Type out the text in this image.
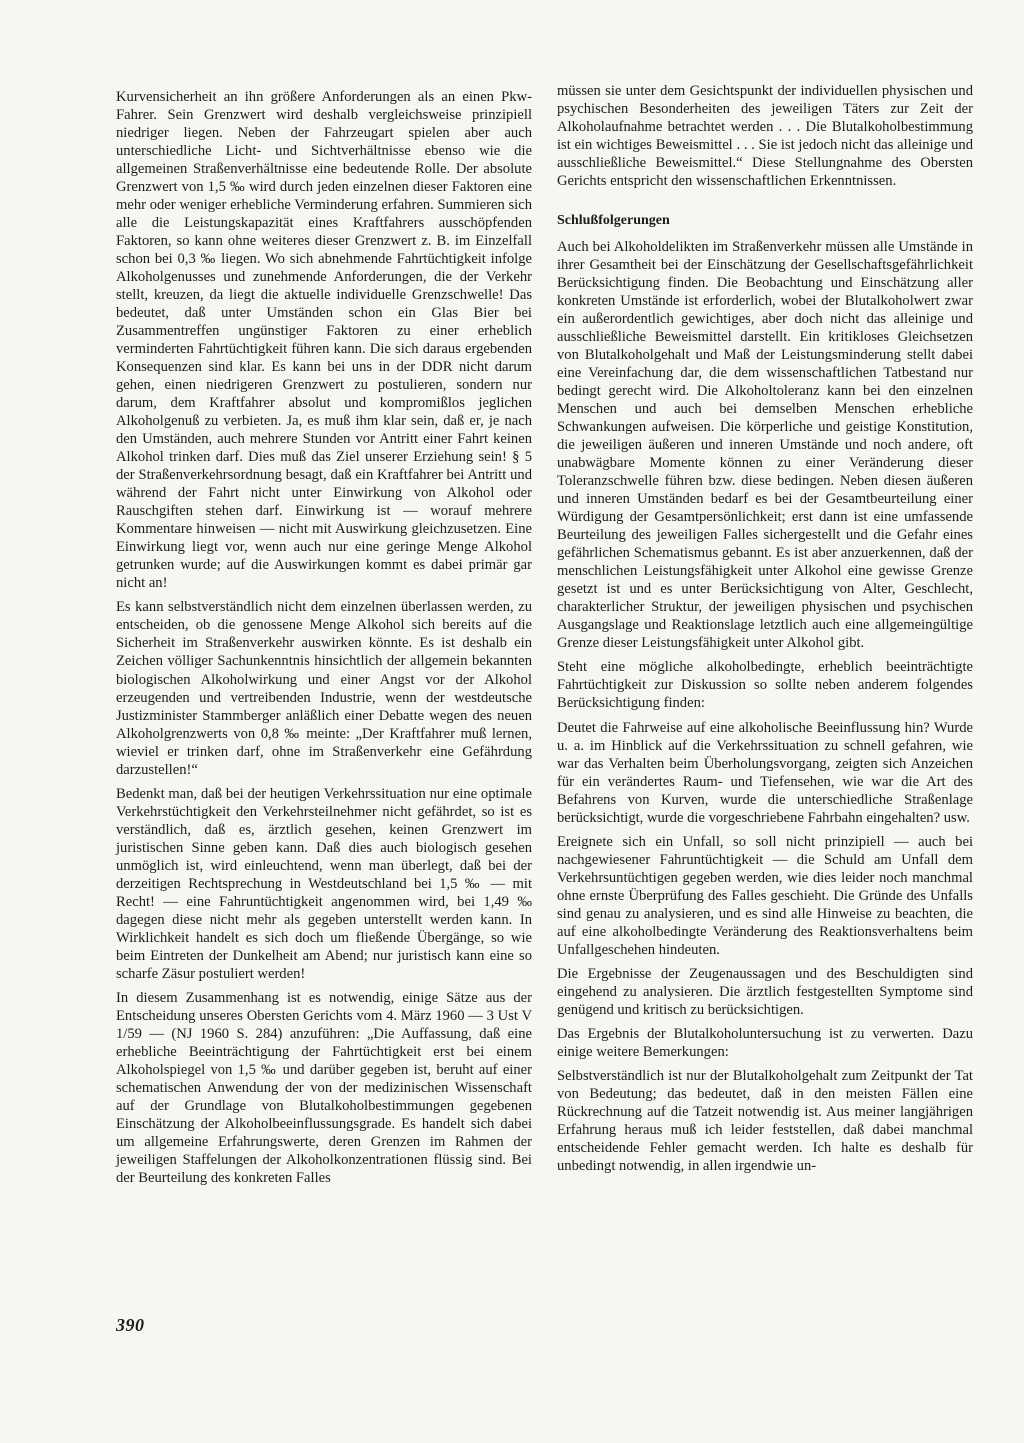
Kurvensicherheit an ihn größere Anforderungen als an einen Pkw-Fahrer. Sein Grenzwert wird deshalb vergleichsweise prinzipiell niedriger liegen. Neben der Fahrzeugart spielen aber auch unterschiedliche Licht- und Sichtverhältnisse ebenso wie die allgemeinen Straßenverhältnisse eine bedeutende Rolle. Der absolute Grenzwert von 1,5 ‰ wird durch jeden einzelnen dieser Faktoren eine mehr oder weniger erhebliche Verminderung erfahren. Summieren sich alle die Leistungskapazität eines Kraftfahrers ausschöpfenden Faktoren, so kann ohne weiteres dieser Grenzwert z. B. im Einzelfall schon bei 0,3 ‰ liegen. Wo sich abnehmende Fahrtüchtigkeit infolge Alkoholgenusses und zunehmende Anforderungen, die der Verkehr stellt, kreuzen, da liegt die aktuelle individuelle Grenzschwelle! Das bedeutet, daß unter Umständen schon ein Glas Bier bei Zusammentreffen ungünstiger Faktoren zu einer erheblich verminderten Fahrtüchtigkeit führen kann. Die sich daraus ergebenden Konsequenzen sind klar. Es kann bei uns in der DDR nicht darum gehen, einen niedrigeren Grenzwert zu postulieren, sondern nur darum, dem Kraftfahrer absolut und kompromißlos jeglichen Alkoholgenuß zu verbieten. Ja, es muß ihm klar sein, daß er, je nach den Umständen, auch mehrere Stunden vor Antritt einer Fahrt keinen Alkohol trinken darf. Dies muß das Ziel unserer Erziehung sein! § 5 der Straßenverkehrsordnung besagt, daß ein Kraftfahrer bei Antritt und während der Fahrt nicht unter Einwirkung von Alkohol oder Rauschgiften stehen darf. Einwirkung ist — worauf mehrere Kommentare hinweisen — nicht mit Auswirkung gleichzusetzen. Eine Einwirkung liegt vor, wenn auch nur eine geringe Menge Alkohol getrunken wurde; auf die Auswirkungen kommt es dabei primär gar nicht an!

Es kann selbstverständlich nicht dem einzelnen überlassen werden, zu entscheiden, ob die genossene Menge Alkohol sich bereits auf die Sicherheit im Straßenverkehr auswirken könnte. Es ist deshalb ein Zeichen völliger Sachunkenntnis hinsichtlich der allgemein bekannten biologischen Alkoholwirkung und einer Angst vor der Alkohol erzeugenden und vertreibenden Industrie, wenn der westdeutsche Justizminister Stammberger anläßlich einer Debatte wegen des neuen Alkoholgrenzwerts von 0,8 ‰ meinte: „Der Kraftfahrer muß lernen, wieviel er trinken darf, ohne im Straßenverkehr eine Gefährdung darzustellen!“

Bedenkt man, daß bei der heutigen Verkehrssituation nur eine optimale Verkehrstüchtigkeit den Verkehrsteilnehmer nicht gefährdet, so ist es verständlich, daß es, ärztlich gesehen, keinen Grenzwert im juristischen Sinne geben kann. Daß dies auch biologisch gesehen unmöglich ist, wird einleuchtend, wenn man überlegt, daß bei der derzeitigen Rechtsprechung in Westdeutschland bei 1,5 ‰ — mit Recht! — eine Fahruntüchtigkeit angenommen wird, bei 1,49 ‰ dagegen diese nicht mehr als gegeben unterstellt werden kann. In Wirklichkeit handelt es sich doch um fließende Übergänge, so wie beim Eintreten der Dunkelheit am Abend; nur juristisch kann eine so scharfe Zäsur postuliert werden!

In diesem Zusammenhang ist es notwendig, einige Sätze aus der Entscheidung unseres Obersten Gerichts vom 4. März 1960 — 3 Ust V 1/59 — (NJ 1960 S. 284) anzuführen: „Die Auffassung, daß eine erhebliche Beeinträchtigung der Fahrtüchtigkeit erst bei einem Alkoholspiegel von 1,5 ‰ und darüber gegeben ist, beruht auf einer schematischen Anwendung der von der medizinischen Wissenschaft auf der Grundlage von Blutalkoholbestimmungen gegebenen Einschätzung der Alkoholbeeinflussungsgrade. Es handelt sich dabei um allgemeine Erfahrungswerte, deren Grenzen im Rahmen der jeweiligen Staffelungen der Alkoholkonzentrationen flüssig sind. Bei der Beurteilung des konkreten Falles

müssen sie unter dem Gesichtspunkt der individuellen physischen und psychischen Besonderheiten des jeweiligen Täters zur Zeit der Alkoholaufnahme betrachtet werden . . . Die Blutalkoholbestimmung ist ein wichtiges Beweismittel . . . Sie ist jedoch nicht das alleinige und ausschließliche Beweismittel.“ Diese Stellungnahme des Obersten Gerichts entspricht den wissenschaftlichen Erkenntnissen.

Schlußfolgerungen

Auch bei Alkoholdelikten im Straßenverkehr müssen alle Umstände in ihrer Gesamtheit bei der Einschätzung der Gesellschaftsgefährlichkeit Berücksichtigung finden. Die Beobachtung und Einschätzung aller konkreten Umstände ist erforderlich, wobei der Blutalkoholwert zwar ein außerordentlich gewichtiges, aber doch nicht das alleinige und ausschließliche Beweismittel darstellt. Ein kritikloses Gleichsetzen von Blutalkoholgehalt und Maß der Leistungsminderung stellt dabei eine Vereinfachung dar, die dem wissenschaftlichen Tatbestand nur bedingt gerecht wird. Die Alkoholtoleranz kann bei den einzelnen Menschen und auch bei demselben Menschen erhebliche Schwankungen aufweisen. Die körperliche und geistige Konstitution, die jeweiligen äußeren und inneren Umstände und noch andere, oft unabwägbare Momente können zu einer Veränderung dieser Toleranzschwelle führen bzw. diese bedingen. Neben diesen äußeren und inneren Umständen bedarf es bei der Gesamtbeurteilung einer Würdigung der Gesamtpersönlichkeit; erst dann ist eine umfassende Beurteilung des jeweiligen Falles sichergestellt und die Gefahr eines gefährlichen Schematismus gebannt. Es ist aber anzuerkennen, daß der menschlichen Leistungsfähigkeit unter Alkohol eine gewisse Grenze gesetzt ist und es unter Berücksichtigung von Alter, Geschlecht, charakterlicher Struktur, der jeweiligen physischen und psychischen Ausgangslage und Reaktionslage letztlich auch eine allgemeingültige Grenze dieser Leistungsfähigkeit unter Alkohol gibt.

Steht eine mögliche alkoholbedingte, erheblich beeinträchtigte Fahrtüchtigkeit zur Diskussion so sollte neben anderem folgendes Berücksichtigung finden:

Deutet die Fahrweise auf eine alkoholische Beeinflussung hin? Wurde u. a. im Hinblick auf die Verkehrssituation zu schnell gefahren, wie war das Verhalten beim Überholungsvorgang, zeigten sich Anzeichen für ein verändertes Raum- und Tiefensehen, wie war die Art des Befahrens von Kurven, wurde die unterschiedliche Straßenlage berücksichtigt, wurde die vorgeschriebene Fahrbahn eingehalten? usw.

Ereignete sich ein Unfall, so soll nicht prinzipiell — auch bei nachgewiesener Fahruntüchtigkeit — die Schuld am Unfall dem Verkehrsuntüchtigen gegeben werden, wie dies leider noch manchmal ohne ernste Überprüfung des Falles geschieht. Die Gründe des Unfalls sind genau zu analysieren, und es sind alle Hinweise zu beachten, die auf eine alkoholbedingte Veränderung des Reaktionsverhaltens beim Unfallgeschehen hindeuten.

Die Ergebnisse der Zeugenaussagen und des Beschuldigten sind eingehend zu analysieren. Die ärztlich festgestellten Symptome sind genügend und kritisch zu berücksichtigen.

Das Ergebnis der Blutalkoholuntersuchung ist zu verwerten. Dazu einige weitere Bemerkungen:

Selbstverständlich ist nur der Blutalkoholgehalt zum Zeitpunkt der Tat von Bedeutung; das bedeutet, daß in den meisten Fällen eine Rückrechnung auf die Tatzeit notwendig ist. Aus meiner langjährigen Erfahrung heraus muß ich leider feststellen, daß dabei manchmal entscheidende Fehler gemacht werden. Ich halte es deshalb für unbedingt notwendig, in allen irgendwie un-

390
